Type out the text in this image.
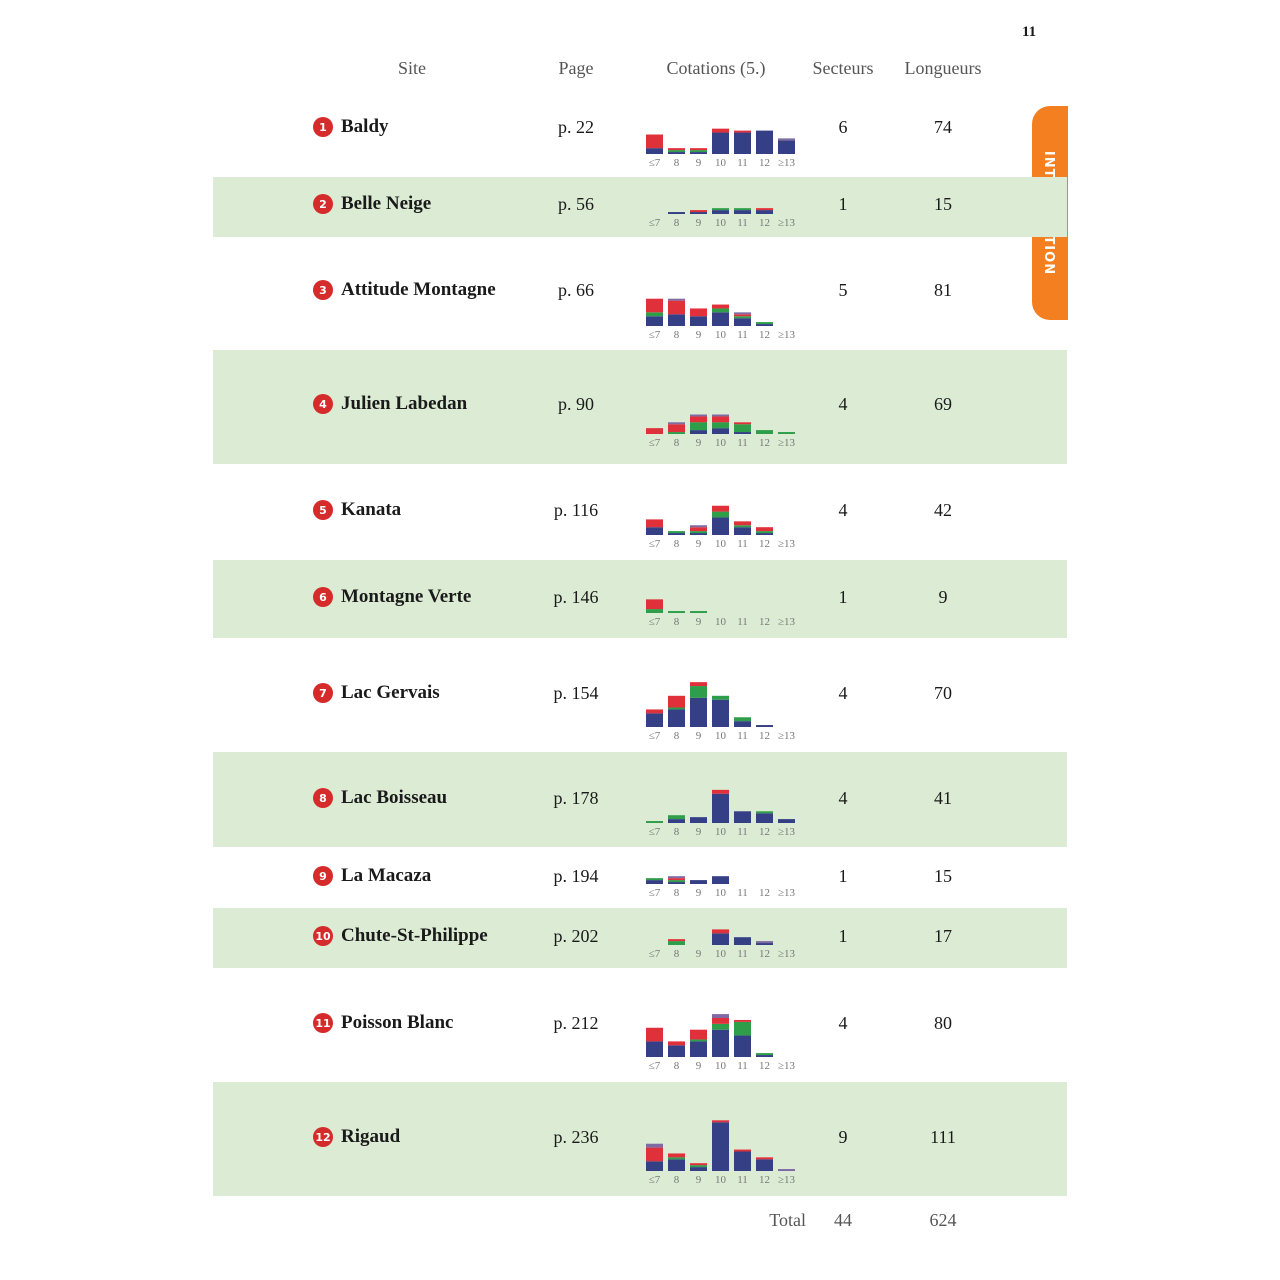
11
Site	Page	Cotations (5.)	Secteurs	Longueurs
1 Baldy	p. 22	6	74
≤7 8 9 10 11 12 ≥13
2 Belle Neige	p. 56	1	15
≤7 8 9 10 11 12 ≥13
3 Attitude Montagne	p. 66	5	81
≤7 8 9 10 11 12 ≥13
4 Julien Labedan	p. 90	4	69
≤7 8 9 10 11 12 ≥13
5 Kanata	p. 116	4	42
≤7 8 9 10 11 12 ≥13
6 Montagne Verte	p. 146	1	9
≤7 8 9 10 11 12 ≥13
7 Lac Gervais	p. 154	4	70
≤7 8 9 10 11 12 ≥13
8 Lac Boisseau	p. 178	4	41
≤7 8 9 10 11 12 ≥13
9 La Macaza	p. 194	1	15
≤7 8 9 10 11 12 ≥13
10 Chute-St-Philippe	p. 202	1	17
≤7 8 9 10 11 12 ≥13
11 Poisson Blanc	p. 212	4	80
≤7 8 9 10 11 12 ≥13
12 Rigaud	p. 236	9	111
≤7 8 9 10 11 12 ≥13
Total	44	624
